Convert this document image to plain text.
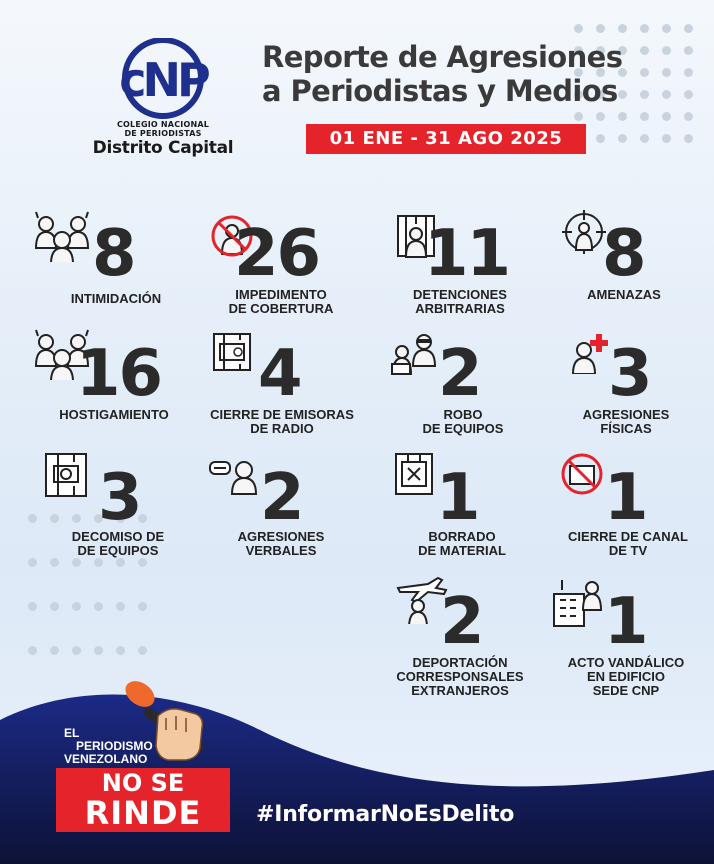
cNP
COLEGIO NACIONAL
DE PERIODISTAS
Distrito Capital
Reporte de Agresiones
a Periodistas y Medios
01 ENE - 31 AGO 2025
8
INTIMIDACIÓN
26
IMPEDIMENTO
DE COBERTURA
11
DETENCIONES
ARBITRARIAS
8
AMENAZAS
16
HOSTIGAMIENTO
4
CIERRE DE EMISORAS
DE RADIO
2
ROBO
DE EQUIPOS
3
AGRESIONES
FÍSICAS
3
DECOMISO DE
DE EQUIPOS
2
AGRESIONES
VERBALES
1
BORRADO
DE MATERIAL
1
CIERRE DE CANAL
DE TV
2
DEPORTACIÓN
CORRESPONSALES
EXTRANJEROS
1
ACTO VANDÁLICO
EN EDIFICIO
SEDE CNP
EL
PERIODISMO
VENEZOLANO
NO SE
RINDE	#InformarNoEsDelito
